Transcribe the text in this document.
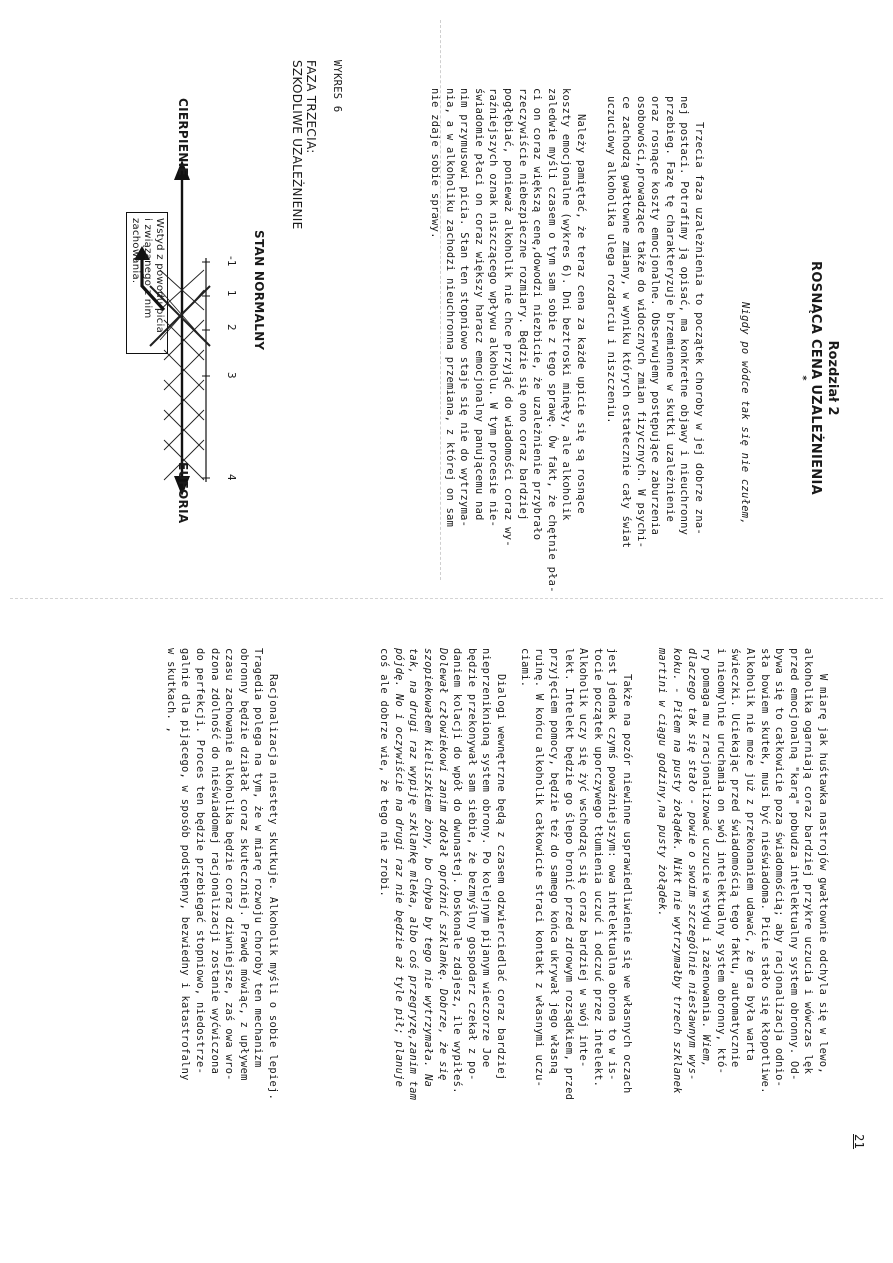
Rozdział 2
ROSNĄCA CENA UZALEŻNIENIA
*

Nigdy po wódce tak się nie czułem,

Trzecia faza uzależnienia to początek choroby w jej dobrze zna-

nej postaci. Potrafimy ją opisać, ma konkretne objawy i nieuchronny

przebieg. Fazę tę charakteryzuje brzemienne w skutki uzależnienie

oraz rosnące koszty emocjonalne. Obserwujemy postępujące zaburzenia

osobowości,prowadzące także do widocznych zmian fizycznych. W psychi-

ce zachodzą gwałtowne zmiany, w wyniku których ostatecznie cały świat

uczuciowy alkoholika ulega rozdarciu i niszczeniu.

Należy pamiętać, że teraz cena za każde upicie się są rosnące

koszty emocjonalne (wykres 6). Dni beztroski minęły, ale alkoholik

zaledwie myśli czasem o tym sam sobie z tego sprawę. Ów fakt, że chętnie pła-

ci on coraz większą cenę,dowodzi niezbicie, że uzależnienie przybrało

rzeczywiście niebezpieczne rozmiary. Będzie się ono coraz bardziej

pogłębiać, ponieważ alkoholik nie chce przyjąć do wiadomości coraz wy-

raźniejszych oznak niszczącego wpływu alkoholu. W tym procesie nie-

świadomie płaci on coraz większy haracz emocjonalny panującemu nad

nim przymusowi picia. Stan ten stopniowo staje się nie do wytrzyma-

nia, a w alkoholiku zachodzi nieuchronna przemiana, z której on sam

nie zdaje sobie sprawy.

WYKRES 6

FAZA TRZECIA:

SZKODLIWE UZALEŻNIENIE

-1

1

2

3

4

STAN NORMALNY

CIERPIENIE

EUFORIA

Wstyd z powodu picia

i związanego z nim

zachowania.

21

W miarę jak huśtawka nastrojów gwałtownie odchyla się w lewo,

alkoholika ogarniają coraz bardziej przykre uczucia i wówczas lęk

przed emocjonalną "karą" pobudza intelektualny system obronny. Od-

bywa się to całkowicie poza świadomością; aby racjonalizacja odnio-

sła bowiem skutek, musi być nieświadoma. Picie stało się kłopotliwe.

Alkoholik nie może już z przekonaniem udawać, że gra była warta

świeczki. Uciekając przed świadomością tego faktu, automatycznie

i nieomylnie uruchamia on swój intelektualny system obronny, któ-

ry pomaga mu zracjonalizować uczucie wstydu i zażenowania. Wiem,

dlaczego tak się stało - powie o swoim szczególnie niesławnym wys-

koku. - Piłem na pusty żołądek. Nikt nie wytrzymałby trzech szklanek

martini w ciągu godziny,na pusty żołądek.

Także na pozór niewinne usprawiedliwienie się we własnych oczach

jest jednak czymś poważniejszym: owa intelektualna obrona to w is-

tocie początek uporczywego tłumienia uczuć i odczuć przez intelekt.

Alkoholik uczy się żyć wschodząc się coraz bardziej w swój inte-

lekt. Intelekt będzie go ślepo bronić przed zdrowym rozsądkiem, przed

przyjęciem pomocy, będzie też do samego końca ukrywał jego własną

ruinę. W końcu alkoholik całkowicie straci kontakt z własnymi uczu-

ciami.

Dialogi wewnętrzne będą z czasem odzwierciedlać coraz bardziej

nieprzeniknioną system obrony. Po kolejnym pijanym wieczorze Joe

będzie przekonywał sam siebie, że bezmyślny gospodarz czekał z po-

daniem kolacji do wpół do dwunastej. Doskonale zdajesz, ile wypiłeś.

Dolewał człowiekowi zanim zdołał opróżnić szklankę. Dobrze, że się

szopiekowałem kieliszkiem żony, bo chyba by tego nie wytrzymała. Na

tak, na drugi raz wypiję szklankę mleka, albo coś przegryzę,zanim tam

pójdę. No i oczywiście na drugi raz nie będzie aż tyle pił; planuje

coś ale dobrze wie, że tego nie zrobi.

Racjonalizacja niestety skutkuje. Alkoholik myśli o sobie lepiej.

Tragedia polega na tym, że w miarę rozwoju choroby ten mechanizm

obronny będzie działał coraz skuteczniej. Prawdę mówiąc, z upływem

czasu zachowanie alkoholika będzie coraz dziwniejsze, zaś owa wro-

dzona zdolność do nieświadomej racjonalizacji zostanie wyćwiczona

do perfekcji. Proces ten będzie przebiegać stopniowo, niedostrze-

galnie dla pijącego, w sposób podstępny, bezwiedny i katastrofalny

w skutkach. ,
